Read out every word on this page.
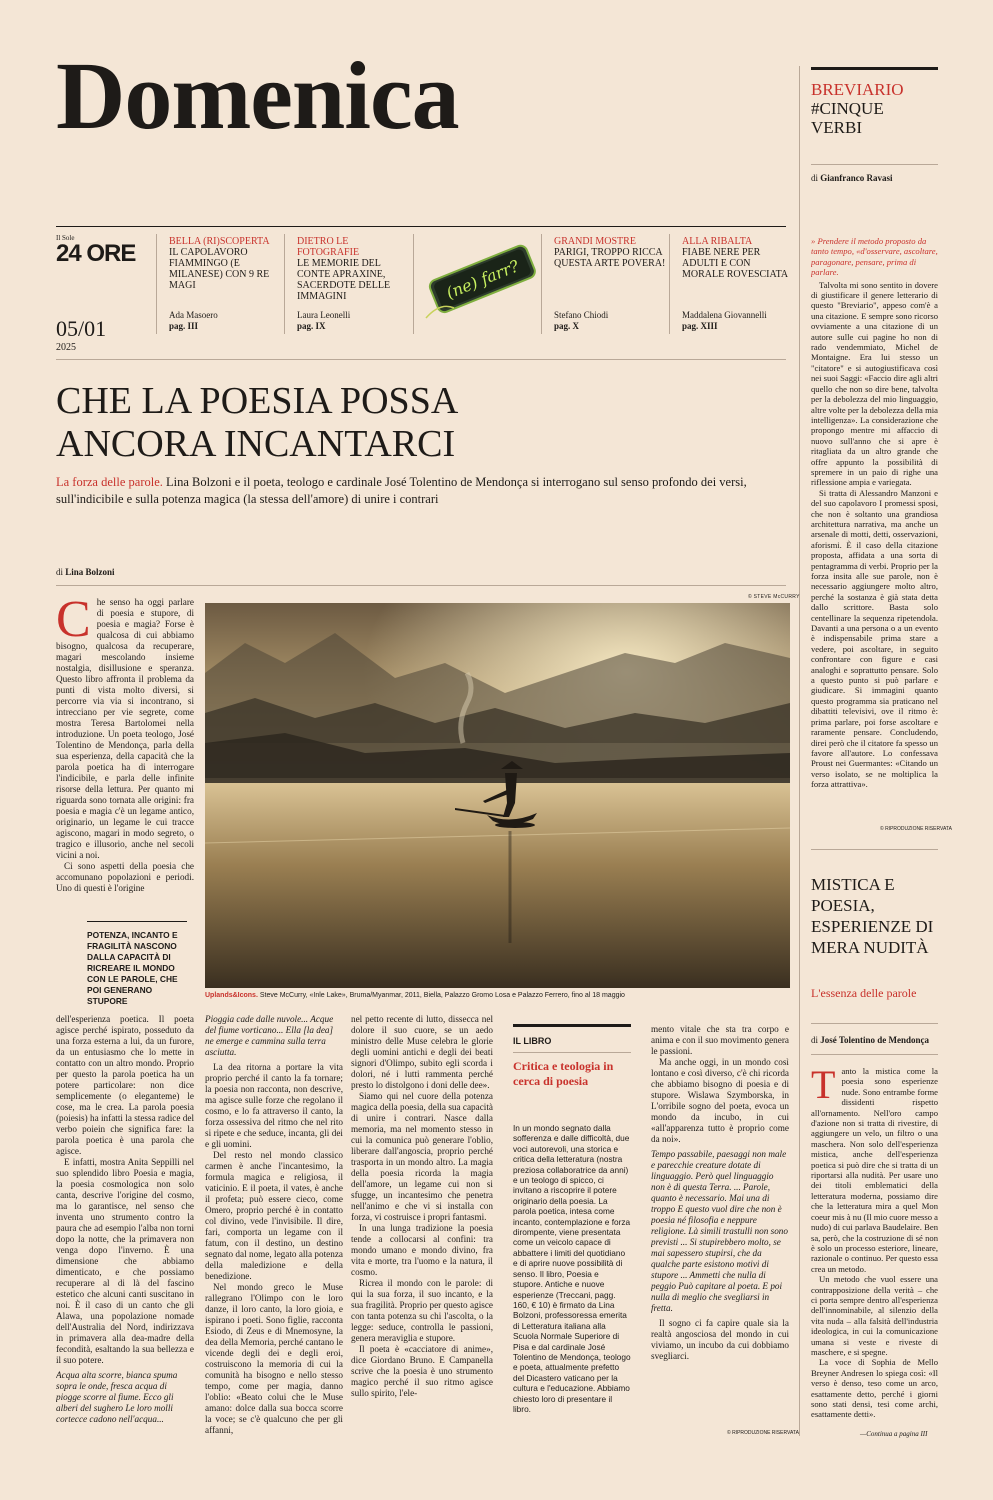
Domenica	BREVIARIO
#CINQUE
VERBI
di Gianfranco Ravasi
Il Sole
24 ORE
05/01
2025
BELLA (RI)SCOPERTA
IL CAPOLAVORO FIAMMINGO (E MILANESE) CON 9 RE MAGI
Ada Masoero
pag. III
DIETRO LE FOTOGRAFIE
LE MEMORIE DEL CONTE APRAXINE, SACERDOTE DELLE IMMAGINI
Laura Leonelli
pag. IX
(ne) farr?
GRANDI MOSTRE
PARIGI, TROPPO RICCA QUESTA ARTE POVERA!
Stefano Chiodi
pag. X
ALLA RIBALTA
FIABE NERE PER ADULTI E CON MORALE ROVESCIATA
Maddalena Giovannelli
pag. XIII
CHE LA POESIA POSSA
ANCORA INCANTARCI
La forza delle parole. Lina Bolzoni e il poeta, teologo e cardinale José Tolentino de Mendonça si interrogano sul senso profondo dei versi, sull'indicibile e sulla potenza magica (la stessa dell'amore) di unire i contrari
di Lina Bolzoni
© STEVE McCURRY
Uplands&Icons. Steve McCurry, «Inle Lake», Bruma/Myanmar, 2011, Biella, Palazzo Gromo Losa e Palazzo Ferrero, fino al 18 maggio
C he senso ha oggi parlare di poesia e stupore, di poesia e magia? Forse è qualcosa di cui abbiamo bisogno, qualcosa da recuperare, magari mescolando insieme nostalgia, disillusione e speranza. Questo libro affronta il problema da punti di vista molto diversi, si percorre via via si incontrano, si intrecciano per vie segrete, come mostra Teresa Bartolomei nella introduzione. Un poeta teologo, José Tolentino de Mendonça, parla della sua esperienza, della capacità che la parola poetica ha di interrogare l'indicibile, e parla delle infinite risorse della lettura. Per quanto mi riguarda sono tornata alle origini: fra poesia e magia c'è un legame antico, originario, un legame le cui tracce agiscono, magari in modo segreto, o tragico e illusorio, anche nel secoli vicini a noi.

Ci sono aspetti della poesia che accomunano popolazioni e periodi. Uno di questi è l'origine

POTENZA, INCANTO E FRAGILITÀ NASCONO DALLA CAPACITÀ DI RICREARE IL MONDO CON LE PAROLE, CHE POI GENERANO STUPORE

dell'esperienza poetica. Il poeta agisce perché ispirato, posseduto da una forza esterna a lui, da un furore, da un entusiasmo che lo mette in contatto con un altro mondo. Proprio per questo la parola poetica ha un potere particolare: non dice semplicemente (o eleganteme) le cose, ma le crea. La parola poesia (poiesis) ha infatti la stessa radice del verbo poiein che significa fare: la parola poetica è una parola che agisce.

E infatti, mostra Anita Seppilli nel suo splendido libro Poesia e magia, la poesia cosmologica non solo canta, descrive l'origine del cosmo, ma lo garantisce, nel senso che inventa uno strumento contro la paura che ad esempio l'alba non torni dopo la notte, che la primavera non venga dopo l'inverno. È una dimensione che abbiamo dimenticato, e che possiamo recuperare al di là del fascino estetico che alcuni canti suscitano in noi. È il caso di un canto che gli Alawa, una popolazione nomade dell'Australia del Nord, indirizzava in primavera alla dea-madre della fecondità, esaltando la sua bellezza e il suo potere.

Acqua alta scorre, bianca spuma sopra le onde, fresca acqua di piogge scorre al fiume. Ecco gli alberi del sughero Le loro molli cortecce cadono nell'acqua...

Pioggia cade dalle nuvole... Acque del fiume vorticano... Ella [la dea] ne emerge e cammina sulla terra asciutta.

La dea ritorna a portare la vita proprio perché il canto la fa tornare; la poesia non racconta, non descrive, ma agisce sulle forze che regolano il cosmo, e lo fa attraverso il canto, la forza ossessiva del ritmo che nel rito si ripete e che seduce, incanta, gli dei e gli uomini.

Del resto nel mondo classico carmen è anche l'incantesimo, la formula magica e religiosa, il vaticinio. E il poeta, il vates, è anche il profeta; può essere cieco, come Omero, proprio perché è in contatto col divino, vede l'invisibile. Il dire, fari, comporta un legame con il fatum, con il destino, un destino segnato dal nome, legato alla potenza della maledizione e della benedizione.

Nel mondo greco le Muse rallegrano l'Olimpo con le loro danze, il loro canto, la loro gioia, e ispirano i poeti. Sono figlie, racconta Esiodo, di Zeus e di Mnemosyne, la dea della Memoria, perché cantano le vicende degli dei e degli eroi, costruiscono la memoria di cui la comunità ha bisogno e nello stesso tempo, come per magia, danno l'oblio: «Beato colui che le Muse amano: dolce dalla sua bocca scorre la voce; se c'è qualcuno che per gli affanni,

nel petto recente di lutto, dissecca nel dolore il suo cuore, se un aedo ministro delle Muse celebra le glorie degli uomini antichi e degli dei beati signori d'Olimpo, subito egli scorda i dolori, né i lutti rammenta perché presto lo distolgono i doni delle dee».

Siamo qui nel cuore della potenza magica della poesia, della sua capacità di unire i contrari. Nasce dalla memoria, ma nel momento stesso in cui la comunica può generare l'oblio, liberare dall'angoscia, proprio perché trasporta in un mondo altro. La magia della poesia ricorda la magia dell'amore, un legame cui non si sfugge, un incantesimo che penetra nell'animo e che vi si installa con forza, vi costruisce i propri fantasmi.

In una lunga tradizione la poesia tende a collocarsi al confini: tra mondo umano e mondo divino, fra vita e morte, tra l'uomo e la natura, il cosmo.

Ricrea il mondo con le parole: di qui la sua forza, il suo incanto, e la sua fragilità. Proprio per questo agisce con tanta potenza su chi l'ascolta, o la legge: seduce, controlla le passioni, genera meraviglia e stupore.

Il poeta è «cacciatore di anime», dice Giordano Bruno. E Campanella scrive che la poesia è uno strumento magico perché il suo ritmo agisce sullo spirito, l'ele-

IL LIBRO
Critica e teologia in cerca di poesia
In un mondo segnato dalla sofferenza e dalle difficoltà, due voci autorevoli, una storica e critica della letteratura (nostra preziosa collaboratrice da anni) e un teologo di spicco, ci invitano a riscoprire il potere originario della poesia. La parola poetica, intesa come incanto, contemplazione e forza dirompente, viene presentata come un veicolo capace di abbattere i limiti del quotidiano e di aprire nuove possibilità di senso. Il libro, Poesia e stupore. Antiche e nuove esperienze (Treccani, pagg. 160, € 10) è firmato da Lina Bolzoni, professoressa emerita di Letteratura italiana alla Scuola Normale Superiore di Pisa e dal cardinale José Tolentino de Mendonça, teologo e poeta, attualmente prefetto del Dicastero vaticano per la cultura e l'educazione. Abbiamo chiesto loro di presentare il libro.

mento vitale che sta tra corpo e anima e con il suo movimento genera le passioni.

Ma anche oggi, in un mondo così lontano e così diverso, c'è chi ricorda che abbiamo bisogno di poesia e di stupore. Wislawa Szymborska, in L'orribile sogno del poeta, evoca un mondo da incubo, in cui «all'apparenza tutto è proprio come da noi».

Tempo passabile, paesaggi non male e parecchie creature dotate di linguaggio. Però quel linguaggio non è di questa Terra. ... Parole, quanto è necessario. Mai una di troppo E questo vuol dire che non è poesia né filosofia e neppure religione. Là simili trastulli non sono previsti ... Si stupirebbero molto, se mai sapessero stupirsi, che da qualche parte esistono motivi di stupore ... Ammetti che nulla di peggio Può capitare al poeta. E poi nulla di meglio che svegliarsi in fretta.

Il sogno ci fa capire quale sia la realtà angosciosa del mondo in cui viviamo, un incubo da cui dobbiamo svegliarci.

© RIPRODUZIONE RISERVATA

» Prendere il metodo proposto da tanto tempo, «d'osservare, ascoltare, paragonare, pensare, prima di parlare.

Talvolta mi sono sentito in dovere di giustificare il genere letterario di questo "Breviario", appeso com'è a una citazione. E sempre sono ricorso ovviamente a una citazione di un autore sulle cui pagine ho non di rado vendemmiato, Michel de Montaigne. Era lui stesso un "citatore" e si autogiustificava così nei suoi Saggi: «Faccio dire agli altri quello che non so dire bene, talvolta per la debolezza del mio linguaggio, altre volte per la debolezza della mia intelligenza». La considerazione che propongo mentre mi affaccio di nuovo sull'anno che si apre è ritagliata da un altro grande che offre appunto la possibilità di spremere in un paio di righe una riflessione ampia e variegata.

Si tratta di Alessandro Manzoni e del suo capolavoro I promessi sposi, che non è soltanto una grandiosa architettura narrativa, ma anche un arsenale di motti, detti, osservazioni, aforismi. È il caso della citazione proposta, affidata a una sorta di pentagramma di verbi. Proprio per la forza insita alle sue parole, non è necessario aggiungere molto altro, perché la sostanza è già stata detta dallo scrittore. Basta solo centellinare la sequenza ripetendola. Davanti a una persona o a un evento è indispensabile prima stare a vedere, poi ascoltare, in seguito confrontare con figure e casi analoghi e soprattutto pensare. Solo a questo punto si può parlare e giudicare. Si immagini quanto questo programma sia praticano nel dibattiti televisivi, ove il ritmo è: prima parlare, poi forse ascoltare e raramente pensare. Concludendo, direi però che il citatore fa spesso un favore all'autore. Lo confessava Proust nei Guermantes: «Citando un verso isolato, se ne moltiplica la forza attrattiva».

© RIPRODUZIONE RISERVATA
MISTICA E POESIA, ESPERIENZE DI MERA NUDITÀ
L'essenza delle parole
di José Tolentino de Mendonça
T anto la mistica come la poesia sono esperienze nude. Sono entrambe forme dissidenti rispetto all'ornamento. Nell'oro campo d'azione non si tratta di rivestire, di aggiungere un velo, un filtro o una maschera. Non solo dell'esperienza mistica, anche dell'esperienza poetica si può dire che si tratta di un riportarsi alla nudità. Per usare uno dei titoli emblematici della letteratura moderna, possiamo dire che la letteratura mira a quel Mon coeur mis à nu (Il mio cuore messo a nudo) di cui parlava Baudelaire. Ben sa, però, che la costruzione di sé non è solo un processo esteriore, lineare, razionale o continuo. Per questo essa crea un metodo.

Un metodo che vuol essere una contrapposizione della verità – che ci porta sempre dentro all'esperienza dell'innominabile, al silenzio della vita nuda – alla falsità dell'industria ideologica, in cui la comunicazione umana si veste e riveste di maschere, e si spegne.

La voce di Sophia de Mello Breyner Andresen lo spiega così: «Il verso è denso, teso come un arco, esattamente detto, perché i giorni sono stati densi, tesi come archi, esattamente detti».

—Continua a pagina III
